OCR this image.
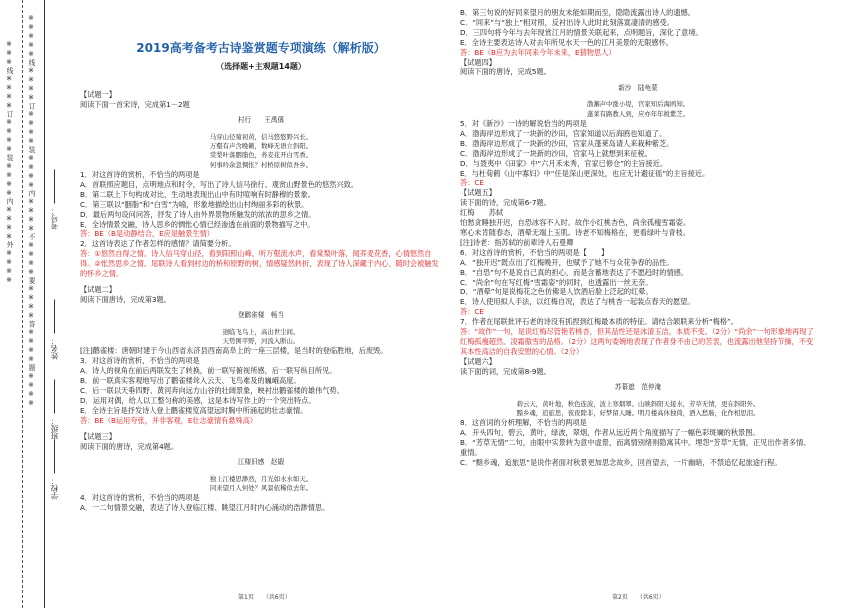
※※※※※线※※※※订※※※※装※※※※内※※※※不※※※※要※※※※答※※※※题※※※※
※※※线※※※※订※※※※装※※※※内※※※※外※※※※
学校：
姓名：
班级：
考号：
2019高考备考古诗鉴赏题专项演练（解析版）
（选择题+主观题14题）

【试题一】

阅读下面一首宋诗，完成第1－2题

村行　　王禹偁

马穿山径菊初黄，信马悠悠野兴长。
万壑有声含晚籁，数峰无语立斜阳。
棠梨叶落胭脂色，荞麦花开白雪香。
何事吟余忽惆怅？村桥原树似吾乡。

1．对这首诗的赏析，不恰当的两项是

A．首联照应题目，点明地点和时令，写出了诗人信马徐行、观赏山野景色的悠然兴致。

B．第二联上下句构成对比，生动地表现出山中有时喧响有时静穆的景象。

C．第三联以“胭脂”和“白雪”为喻，形象地描绘出山村绚丽多彩的秋景。

D．最后两句设问问答，抒发了诗人由外界景物所触发的浓浓的思乡之情。

E．全诗情景交融，诗人思乡的惆怅心情已经渗透在前面的景物描写之中。

答：BE（B是动静结合，E应是触景生情）

2．这首诗表达了作者怎样的感情？请简要分析。

答：①悠然自得之情。诗人信马穿山径，看到阳照山峰，听万壑流水声，看棠梨叶落，闻荞麦花香，心情悠然自得。②怅然思乡之情。尾联诗人看到村边的桥和原野的树，情感疑然转折，表现了诗人深藏于内心、随时会被触发的怀乡之情。

【试题二】

阅读下面唐诗，完成第3题。

登鹳雀楼　畅当

迥临飞鸟上，高出世尘间。
天势围平野，河流入断山。

[注]鹳雀楼：唐朝时建于今山西省永济县西南高阜上的一座三层楼，是当时的登临胜地，后废毁。

3．对这首诗的赏析，不恰当的两项是

A．诗人的视角在前后两联发生了转换，前一联写俯视所感，后一联写纵目所见。

B．前一联真实客观地写出了鹳雀楼耸入云天、飞鸟难及的巍峨高度。

C．后一联以天垂四野、黄河奔向远方山谷的壮阔景象，映衬出鹳雀楼的雄伟气势。

D．运用对偶，给人以工整匀称的美感，这是本诗写作上的一个突出特点。

E．全诗主旨是抒发诗人登上鹳雀楼览高望远时胸中所涌起的壮志豪情。

答：BE（B运用夸张，并非客观，E壮志豪情有悬殊高）

【试题三】

阅读下面的唐诗，完成第4题。

江楼旧感　赵嘏

独上江楼思渺然，月光如水水如天。
同来望月人何处？风景依稀似去年。

4．对这首诗的赏析，不恰当的两项是

A．一二句情景交融，表达了诗人登临江楼、眺望江月时内心涌动的浩渺情思。

B．第三句说的好同来望月的朋友未能如期而至，隐隐流露出诗人的遗憾。

C．“同来”与“独上”相对照，反衬出诗人此时此刻落寞凄清的感受。

D．三四句将今年与去年现赏江月的情景关联起来，点明题旨，深化了意境。

E．全诗主要表达诗人对去年所见水天一色的江月美景的无限感怀。

答：BE（B应为去年同来今年未来，E猜物思人）

【试题四】

阅读下面的唐诗，完成5题。

新沙　陆龟蒙

渤澥声中涨小堤，官家知后海鸥知。
蓬莱有路教人到，应亦年年税紫芝。

5．对《新沙》一诗的解说恰当的两项是

A．渤海岸边形成了一块新的沙田，官家知道以后海鸥也知道了。

B．渤海岸边形成了一块新的沙田，官家从蓬莱岛请人来栽种紫芝。

C．渤海岸边形成了一块新的沙田，官家马上就想到来征税。

D．与聂夷中《田家》中“六月禾未秀，官家已修仓”的主旨接近。

E．与杜荀鹤《山中寡妇》中“任是深山更深处，也应无计避征徭”的主旨接近。

答：CE

【试题五】

读下面的诗，完成第6-7题。

红梅　　苏轼

怕愁贪睡独开迟，自恐冰容不入时。故作小红桃杏色，尚余孤瘦雪霜姿。

寒心未肯随春态，酒晕无端上玉肌。诗老不知梅格在，更看绿叶与青枝。

[注]诗老：指苏轼的前辈诗人石曼卿

6．对这首诗的赏析，不恰当的两项是【　　】

A．“独开迟”既点出了红梅晚开，也赋予了她不与众花争春的品性。

B．“自恐”句不是说自己真的担心，而是含蓄地表达了不愿趋时的情感。

C．“尚余”句在写红梅“雪霜姿”的同时，也透露出一丝无奈。

D．“酒晕”句是说梅花之色仿佛是人饮酒后脸上泛起的红晕。

E．诗人使用拟人手法，以红梅自况，表达了与桃杏一起装点春天的愿望。

答：CE

7．作者在尾联批评石老的诗没有抓捏到红梅最本质的特征。请结合颔联来分析“梅格”。

答：“故作”一句，是说红梅尽管艳若桃杏，但其品性还是冰清玉洁，本质不变。（2分）“尚余”一句形象地再现了红梅孤瘦超然、凌霜傲雪的品格。（2分）这两句委婉地表现了作者身不由己的苦衷，也流露出他坚持节操，不变其本性高洁的自我安慰的心情。（2分）

【试题六】

读下面的词，完成第8-9题。

苏幕遮　范仲淹

碧云天，黄叶地，秋色连波，波上寒烟翠。山映斜阳天接水，芳草无情，更在斜阳外。
黯乡魂，追旅思，夜夜除非，好梦留人睡。明月楼高休独倚，酒入愁肠，化作相思泪。

8．这首词的分析理解，不恰当的两项是

A．开头四句，碧云，黄叶，绿波，翠烟，作者从远近两个角度描写了一幅色彩斑斓的秋景图。

B．“芳草无情”二句，由眼中实景转为意中虚景，而离情别绪则隐寓其中。埋怨“芳草”无情，正见出作者多情、重情。

C．“黯乡魂，追旅思”是说作者面对秋景更加思念故乡，回首望去，一片幽暗，不禁追忆起旅途行程。

第1页　　（共6页）	第2页　　（共6页）
